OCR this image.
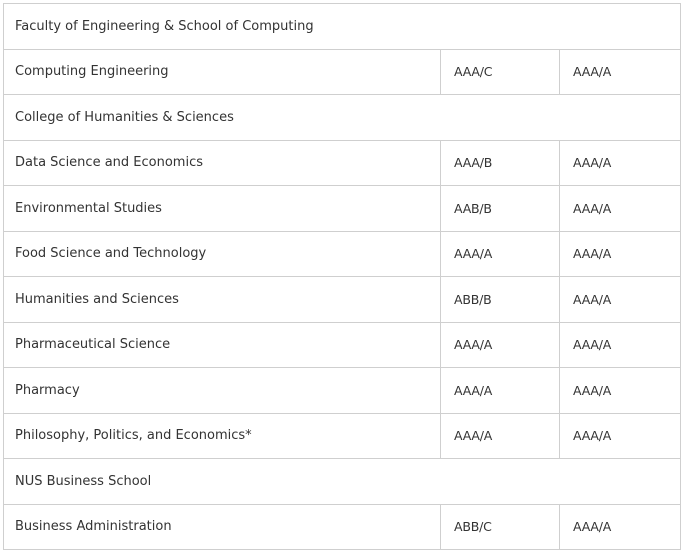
Faculty of Engineering & School of Computing		
Computing Engineering	AAA/C	AAA/A
College of Humanities & Sciences		
Data Science and Economics	AAA/B	AAA/A
Environmental Studies	AAB/B	AAA/A
Food Science and Technology	AAA/A	AAA/A
Humanities and Sciences	ABB/B	AAA/A
Pharmaceutical Science	AAA/A	AAA/A
Pharmacy	AAA/A	AAA/A
Philosophy, Politics, and Economics*	AAA/A	AAA/A
NUS Business School		
Business Administration	ABB/C	AAA/A
